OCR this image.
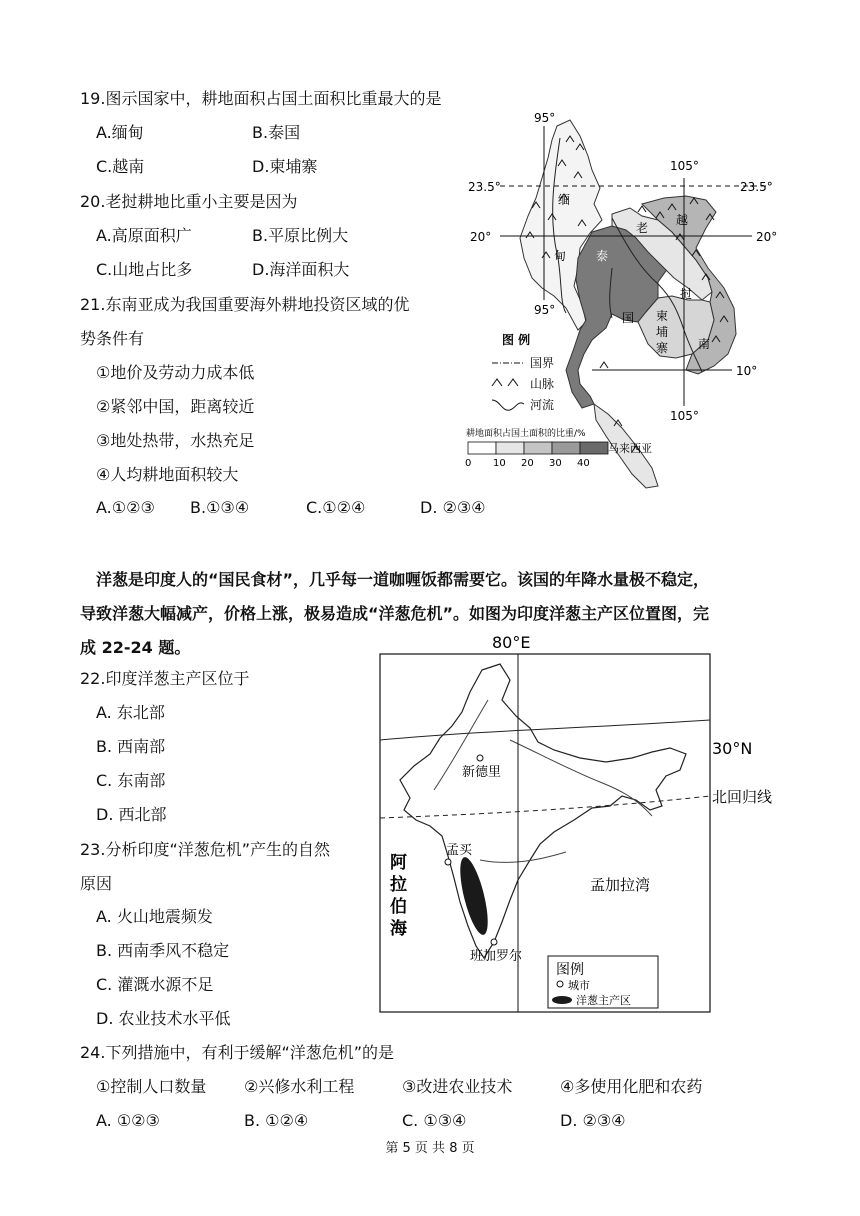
19.图示国家中，耕地面积占国土面积比重最大的是
A.缅甸	B.泰国
C.越南	D.柬埔寨
20.老挝耕地比重小主要是因为
A.高原面积广	B.平原比例大
C.山地占比多	D.海洋面积大
21.东南亚成为我国重要海外耕地投资区域的优
势条件有
①地价及劳动力成本低
②紧邻中国，距离较近
③地处热带，水热充足
④人均耕地面积较大
A.①②③ B.①③④	C.①②④	D. ②③④
95°
105°
23.5°	23.5°
20°	20°
95°
10°
105°
缅
甸 泰
国
老
挝
越
南
柬
埔
寨
马来西亚
图 例
国界
山脉
河流
耕地面积占国土面积的比重/%
0 10 20 30 40
洋葱是印度人的“国民食材”，几乎每一道咖喱饭都需要它。该国的年降水量极不稳定，
导致洋葱大幅减产，价格上涨，极易造成“洋葱危机”。如图为印度洋葱主产区位置图，完
成 22-24 题。
22.印度洋葱主产区位于
A. 东北部
B. 西南部
C. 东南部
D. 西北部
23.分析印度“洋葱危机”产生的自然
原因
A. 火山地震频发
B. 西南季风不稳定
C. 灌溉水源不足
D. 农业技术水平低
80°E
新德里
孟买
班加罗尔
孟加拉湾
阿
拉
伯
海
30°N
北回归线
图例
城市
洋葱主产区
24.下列措施中，有利于缓解“洋葱危机”的是
①控制人口数量 ②兴修水利工程	③改进农业技术	④多使用化肥和农药
A. ①②③	B. ①②④	C. ①③④	D. ②③④
第 5 页 共 8 页
